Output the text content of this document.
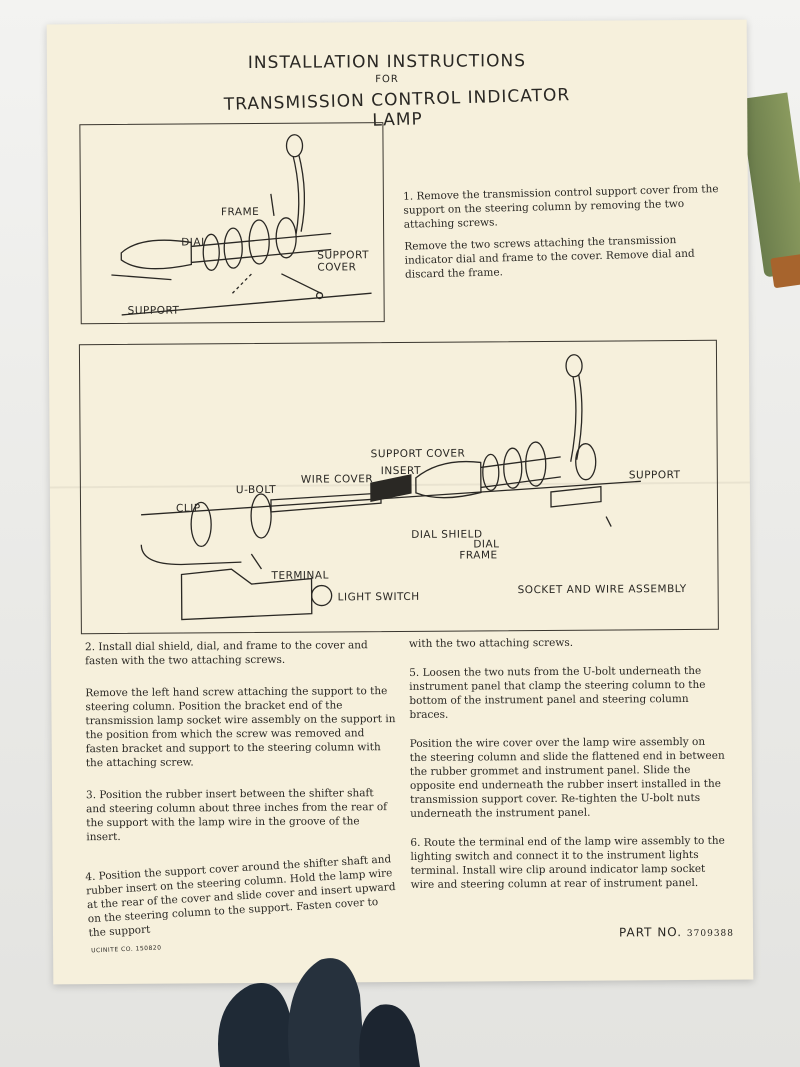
INSTALLATION INSTRUCTIONS
FOR
TRANSMISSION CONTROL INDICATOR LAMP
FRAME
DIAL
SUPPORT
COVER
SUPPORT

1. Remove the transmission control support cover from the support on the steering column by removing the two attaching screws.

Remove the two screws attaching the transmission indicator dial and frame to the cover. Remove dial and discard the frame.

SUPPORT COVER
INSERT
WIRE COVER
U-BOLT
CLIP
SUPPORT
DIAL SHIELD
DIAL
FRAME
TERMINAL
LIGHT SWITCH
SOCKET AND WIRE ASSEMBLY

2. Install dial shield, dial, and frame to the cover and fasten with the two attaching screws.

Remove the left hand screw attaching the support to the steering column. Position the bracket end of the transmission lamp socket wire assembly on the support in the position from which the screw was removed and fasten bracket and support to the steering column with the attaching screw.

3. Position the rubber insert between the shifter shaft and steering column about three inches from the rear of the support with the lamp wire in the groove of the insert.

4. Position the support cover around the shifter shaft and rubber insert on the steering column. Hold the lamp wire at the rear of the cover and slide cover and insert upward on the steering column to the support. Fasten cover to the support

with the two attaching screws.

5. Loosen the two nuts from the U-bolt underneath the instrument panel that clamp the steering column to the bottom of the instrument panel and steering column braces.

Position the wire cover over the lamp wire assembly on the steering column and slide the flattened end in between the rubber grommet and instrument panel. Slide the opposite end underneath the rubber insert installed in the transmission support cover. Re-tighten the U-bolt nuts underneath the instrument panel.

6. Route the terminal end of the lamp wire assembly to the lighting switch and connect it to the instrument lights terminal. Install wire clip around indicator lamp socket wire and steering column at rear of instrument panel.

PART NO. 3709388
UCINITE CO. 150820
